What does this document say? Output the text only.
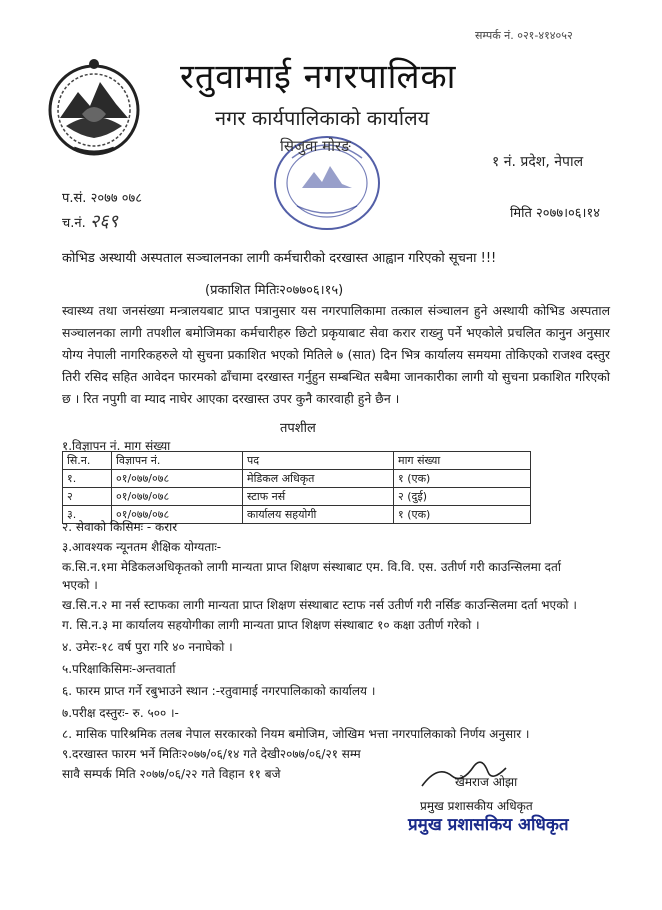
सम्पर्क नं. ०२१-४१४०५२
रतुवामाई नगरपालिका
नगर कार्यपालिकाको कार्यालय
सिजुवा मोरङ
१ नं. प्रदेश, नेपाल
प.सं. २०७७ ०७८
च.नं. २६९	मिति २०७७।०६।१४
कोभिड अस्थायी अस्पताल सञ्चालनका लागी कर्मचारीको दरखास्त आह्वान गरिएको सूचना !!!
(प्रकाशित मितिः२०७७०६।१५)
स्वास्थ्य तथा जनसंख्या मन्त्रालयबाट प्राप्त पत्रानुसार यस नगरपालिकामा तत्काल संञ्चालन हुने अस्थायी कोभिड अस्पताल सञ्चालनका लागी तपशील बमोजिमका कर्मचारीहरु छिटो प्रकृयाबाट सेवा करार राख्नु पर्ने भएकोले प्रचलित कानुन अनुसार योग्य नेपाली नागरिकहरुले यो सुचना प्रकाशित भएको मितिले ७ (सात) दिन भित्र कार्यालय समयमा तोकिएको राजश्व दस्तुर तिरी रसिद सहित आवेदन फारमको ढाँचामा दरखास्त गर्नुहुन सम्बन्धित सबैमा जानकारीका लागी यो सुचना प्रकाशित गरिएको छ । रित नपुगी वा म्याद नाघेर आएका दरखास्त उपर कुनै कारवाही हुने छैन ।
तपशील
१.विज्ञापन नं. माग संख्या
सि.न.	विज्ञापन नं.	पद	माग संख्या
१.	०१/०७७/०७८	मेडिकल अधिकृत	१ (एक)
२	०१/०७७/०७८	स्टाफ नर्स	२ (दुई)
३.	०१/०७७/०७८	कार्यालय सहयोगी	१ (एक)
२. सेवाको किसिमः - करार
३.आवश्यक न्यूनतम शैक्षिक योग्यताः-
क.सि.न.१मा मेडिकलअधिकृतको लागी मान्यता प्राप्त शिक्षण संस्थाबाट एम. वि.वि. एस. उतीर्ण गरी काउन्सिलमा दर्ता
भएको ।
ख.सि.न.२ मा नर्स स्टाफका लागी मान्यता प्राप्त शिक्षण संस्थाबाट स्टाफ नर्स उतीर्ण गरी नर्सिङ काउन्सिलमा दर्ता भएको ।
ग. सि.न.३ मा कार्यालय सहयोगीका लागी मान्यता प्राप्त शिक्षण संस्थाबाट १० कक्षा उतीर्ण गरेको ।
४. उमेरः-१८ वर्ष पुरा गरि ४० ननाघेको ।
५.परिक्षाकिसिमः-अन्तवार्ता
६. फारम प्राप्त गर्ने रबुभाउने स्थान :-रतुवामाई नगरपालिकाको कार्यालय ।
७.परीक्ष दस्तुरः- रु. ५०० ।-
८. मासिक पारिश्रमिक तलब नेपाल सरकारको नियम बमोजिम, जोखिम भत्ता नगरपालिकाको निर्णय अनुसार ।
९.दरखास्त फारम भर्ने मितिः२०७७/०६/१४ गते देखी२०७७/०६/२१ सम्म
सावै सम्पर्क मिति २०७७/०६/२२ गते विहान ११ बजे
खेमराज ओझा
प्रमुख प्रशासकीय अधिकृत
प्रमुख प्रशासकिय अधिकृत
